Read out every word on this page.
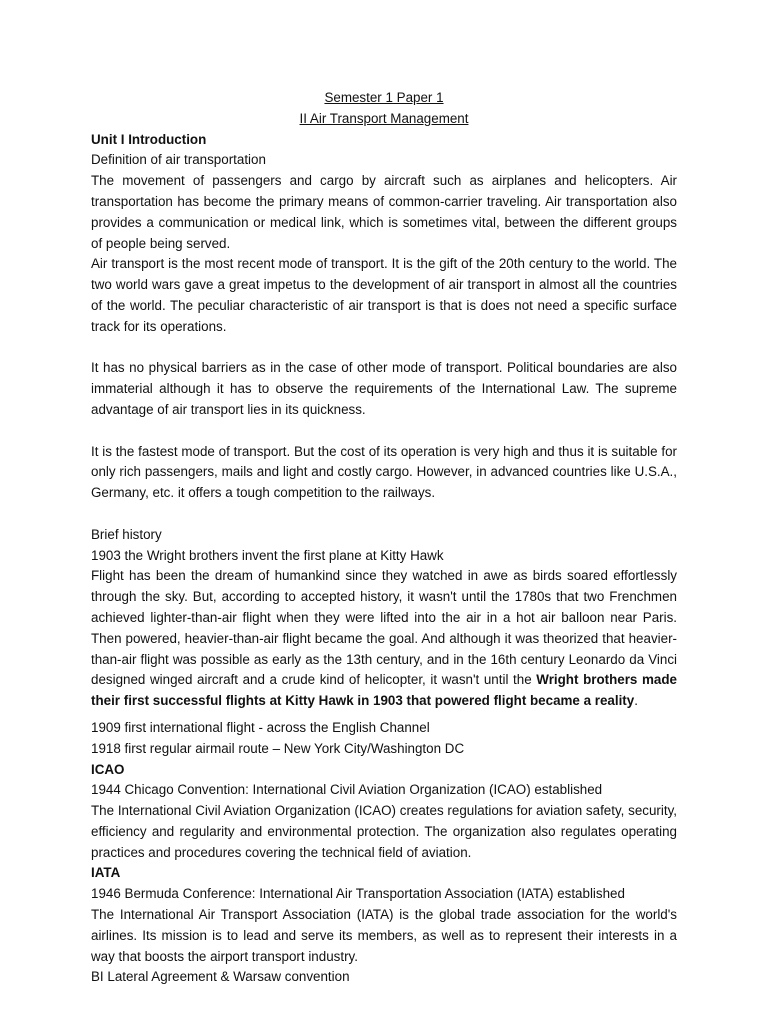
Semester 1 Paper 1

II Air Transport Management

Unit I Introduction

Definition of air transportation

The movement of passengers and cargo by aircraft such as airplanes and helicopters. Air transportation has become the primary means of common-carrier traveling. Air transportation also provides a communication or medical link, which is sometimes vital, between the different groups of people being served.

Air transport is the most recent mode of transport. It is the gift of the 20th century to the world. The two world wars gave a great impetus to the development of air transport in almost all the countries of the world. The peculiar characteristic of air transport is that is does not need a specific surface track for its operations.

It has no physical barriers as in the case of other mode of transport. Political boundaries are also immaterial although it has to observe the requirements of the International Law. The supreme advantage of air transport lies in its quickness.

It is the fastest mode of transport. But the cost of its operation is very high and thus it is suitable for only rich passengers, mails and light and costly cargo. However, in advanced countries like U.S.A., Germany, etc. it offers a tough competition to the railways.

Brief history

1903 the Wright brothers invent the first plane at Kitty Hawk

Flight has been the dream of humankind since they watched in awe as birds soared effortlessly through the sky. But, according to accepted history, it wasn't until the 1780s that two Frenchmen achieved lighter-than-air flight when they were lifted into the air in a hot air balloon near Paris. Then powered, heavier-than-air flight became the goal. And although it was theorized that heavier-than-air flight was possible as early as the 13th century, and in the 16th century Leonardo da Vinci designed winged aircraft and a crude kind of helicopter, it wasn't until the Wright brothers made their first successful flights at Kitty Hawk in 1903 that powered flight became a reality.

1909 first international flight - across the English Channel

1918 first regular airmail route – New York City/Washington DC

ICAO

1944 Chicago Convention: International Civil Aviation Organization (ICAO) established

The International Civil Aviation Organization (ICAO) creates regulations for aviation safety, security, efficiency and regularity and environmental protection. The organization also regulates operating practices and procedures covering the technical field of aviation.

IATA

1946 Bermuda Conference: International Air Transportation Association (IATA) established

The International Air Transport Association (IATA) is the global trade association for the world's airlines. Its mission is to lead and serve its members, as well as to represent their interests in a way that boosts the airport transport industry.

BI Lateral Agreement & Warsaw convention
